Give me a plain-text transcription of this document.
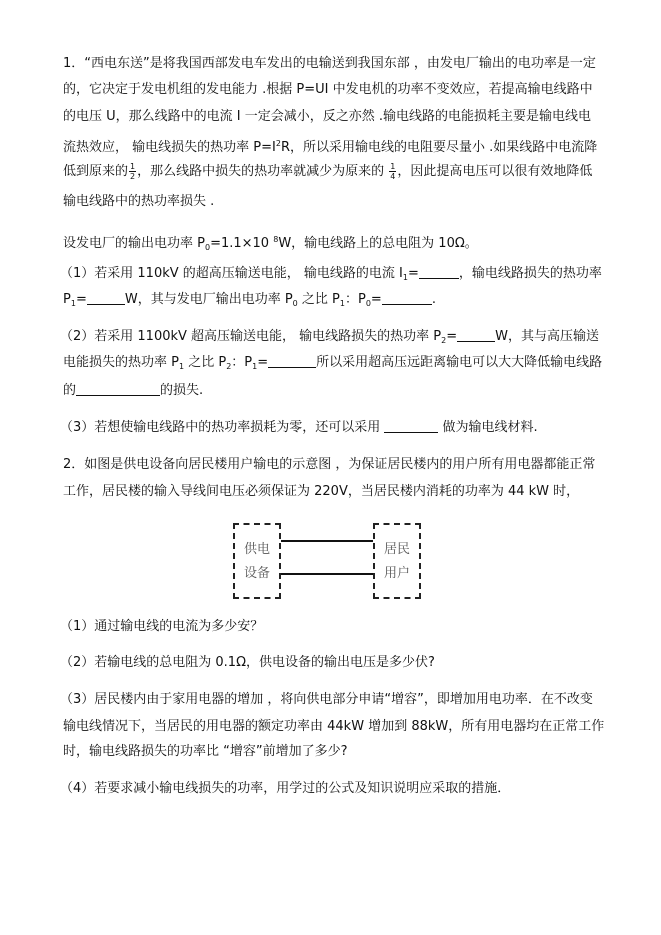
1．“西电东送”是将我国西部发电车发出的电输送到我国东部 ，由发电厂输出的电功率是一定
的，它决定于发电机组的发电能力 .根据 P=UI 中发电机的功率不变效应，若提高输电线路中
的电压 U，那么线路中的电流 I 一定会减小，反之亦然 .输电线路的电能损耗主要是输电线电
流热效应， 输电线损失的热功率 $P=I^2R$，所以采用输电线的电阻要尽量小 .如果线路中电流降
低到原来的 $\frac{1}{2}$ ，那么线路中损失的热功率就减少为原来的 $\frac{1}{4}$ ，因此提高电压可以很有效地降低
输电线路中的热功率损失 .
设发电厂的输出电功率 $P_0=1.1\times 10$ $^8$W，输电线路上的总电阻为 10Ω。
（1）若采用 110kV 的超高压输送电能， 输电线路的电流 $I_1=$	，输电线路损失的热功率
$P_1=$	W，其与发电厂输出电功率 $P_0$ 之比 $P_1$：$P_0=$	.
（2）若采用 1100kV 超高压输送电能， 输电线路损失的热功率 $P_2=$	W，其与高压输送
电能损失的热功率 $P_1$ 之比 $P_2$：$P_1=$	所以采用超高压远距离输电可以大大降低输电线路
的	的损失.
（3）若想使输电线路中的热功率损耗为零，还可以采用	做为输电线材料.
2．如图是供电设备向居民楼用户输电的示意图 ，为保证居民楼内的用户所有用电器都能正常
工作，居民楼的输入导线间电压必须保证为 220V，当居民楼内消耗的功率为 44 kW 时，
（1）通过输电线的电流为多少安？
（2）若输电线的总电阻为 0.1Ω，供电设备的输出电压是多少伏?
（3）居民楼内由于家用电器的增加 ，将向供电部分申请“增容”，即增加用电功率．在不改变
输电线情况下，当居民的用电器的额定功率由 44kW 增加到 88kW，所有用电器均在正常工作
时，输电线路损失的功率比 “增容”前增加了多少?
（4）若要求减小输电线损失的功率，用学过的公式及知识说明应采取的措施．
供电
设备
居民
用户
